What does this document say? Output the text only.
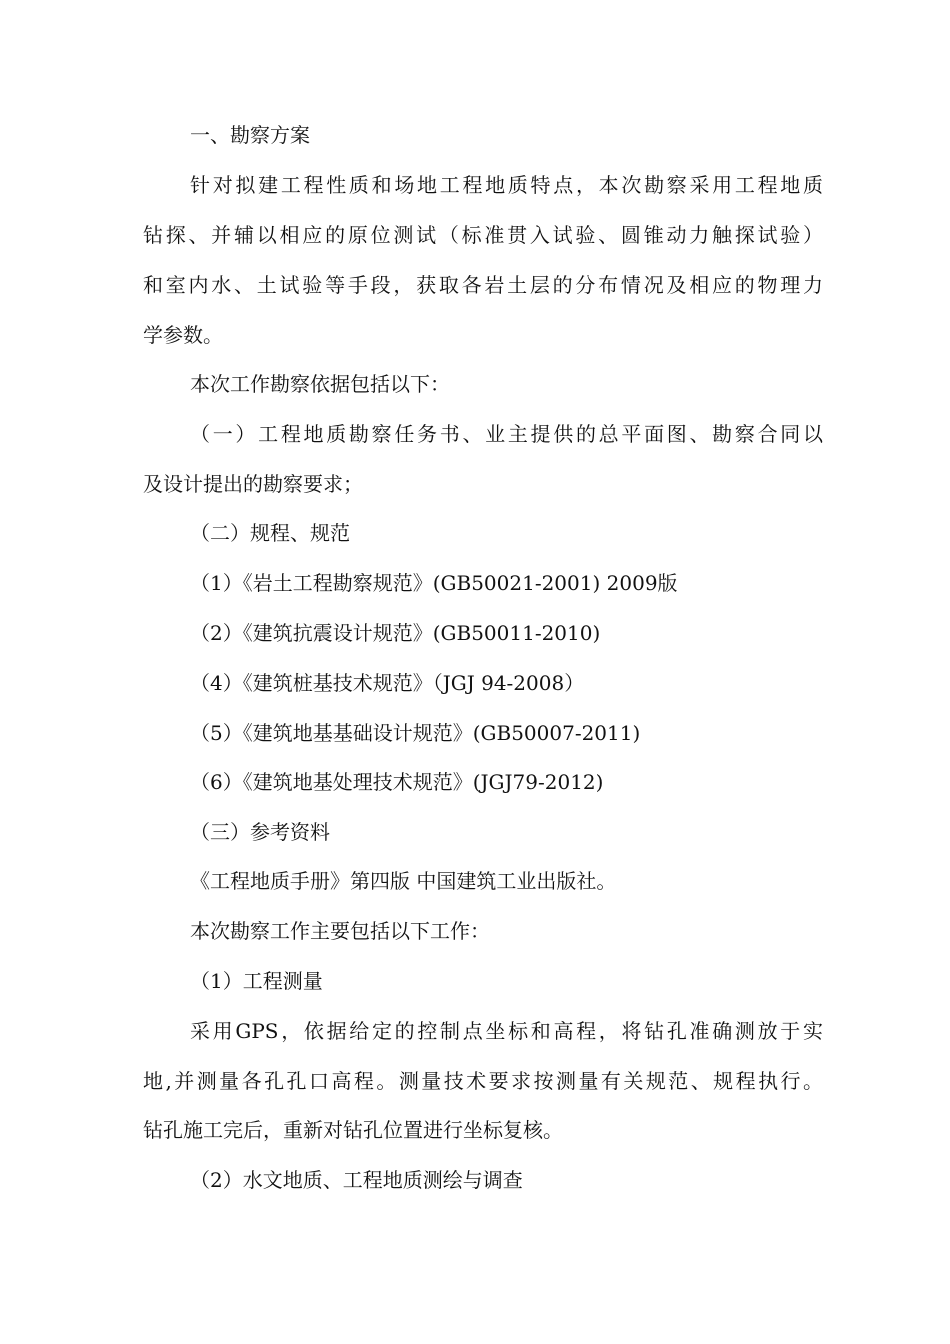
一、勘察方案
针对拟建工程性质和场地工程地质特点，本次勘察采用工程地质
钻探、并辅以相应的原位测试（标准贯入试验、圆锥动力触探试验）
和室内水、土试验等手段，获取各岩土层的分布情况及相应的物理力
学参数。
本次工作勘察依据包括以下：
（一）工程地质勘察任务书、业主提供的总平面图、勘察合同以
及设计提出的勘察要求；
（二）规程、规范
（1）《岩土工程勘察规范》(GB50021-2001) 2009版
（2）《建筑抗震设计规范》(GB50011-2010)
（4）《建筑桩基技术规范》（JGJ 94-2008）
（5）《建筑地基基础设计规范》(GB50007-2011)
（6）《建筑地基处理技术规范》(JGJ79-2012)
（三）参考资料
《工程地质手册》第四版 中国建筑工业出版社。
本次勘察工作主要包括以下工作：
（1）工程测量
采用GPS，依据给定的控制点坐标和高程，将钻孔准确测放于实
地,并测量各孔孔口高程。测量技术要求按测量有关规范、规程执行。
钻孔施工完后，重新对钻孔位置进行坐标复核。
（2）水文地质、工程地质测绘与调查
